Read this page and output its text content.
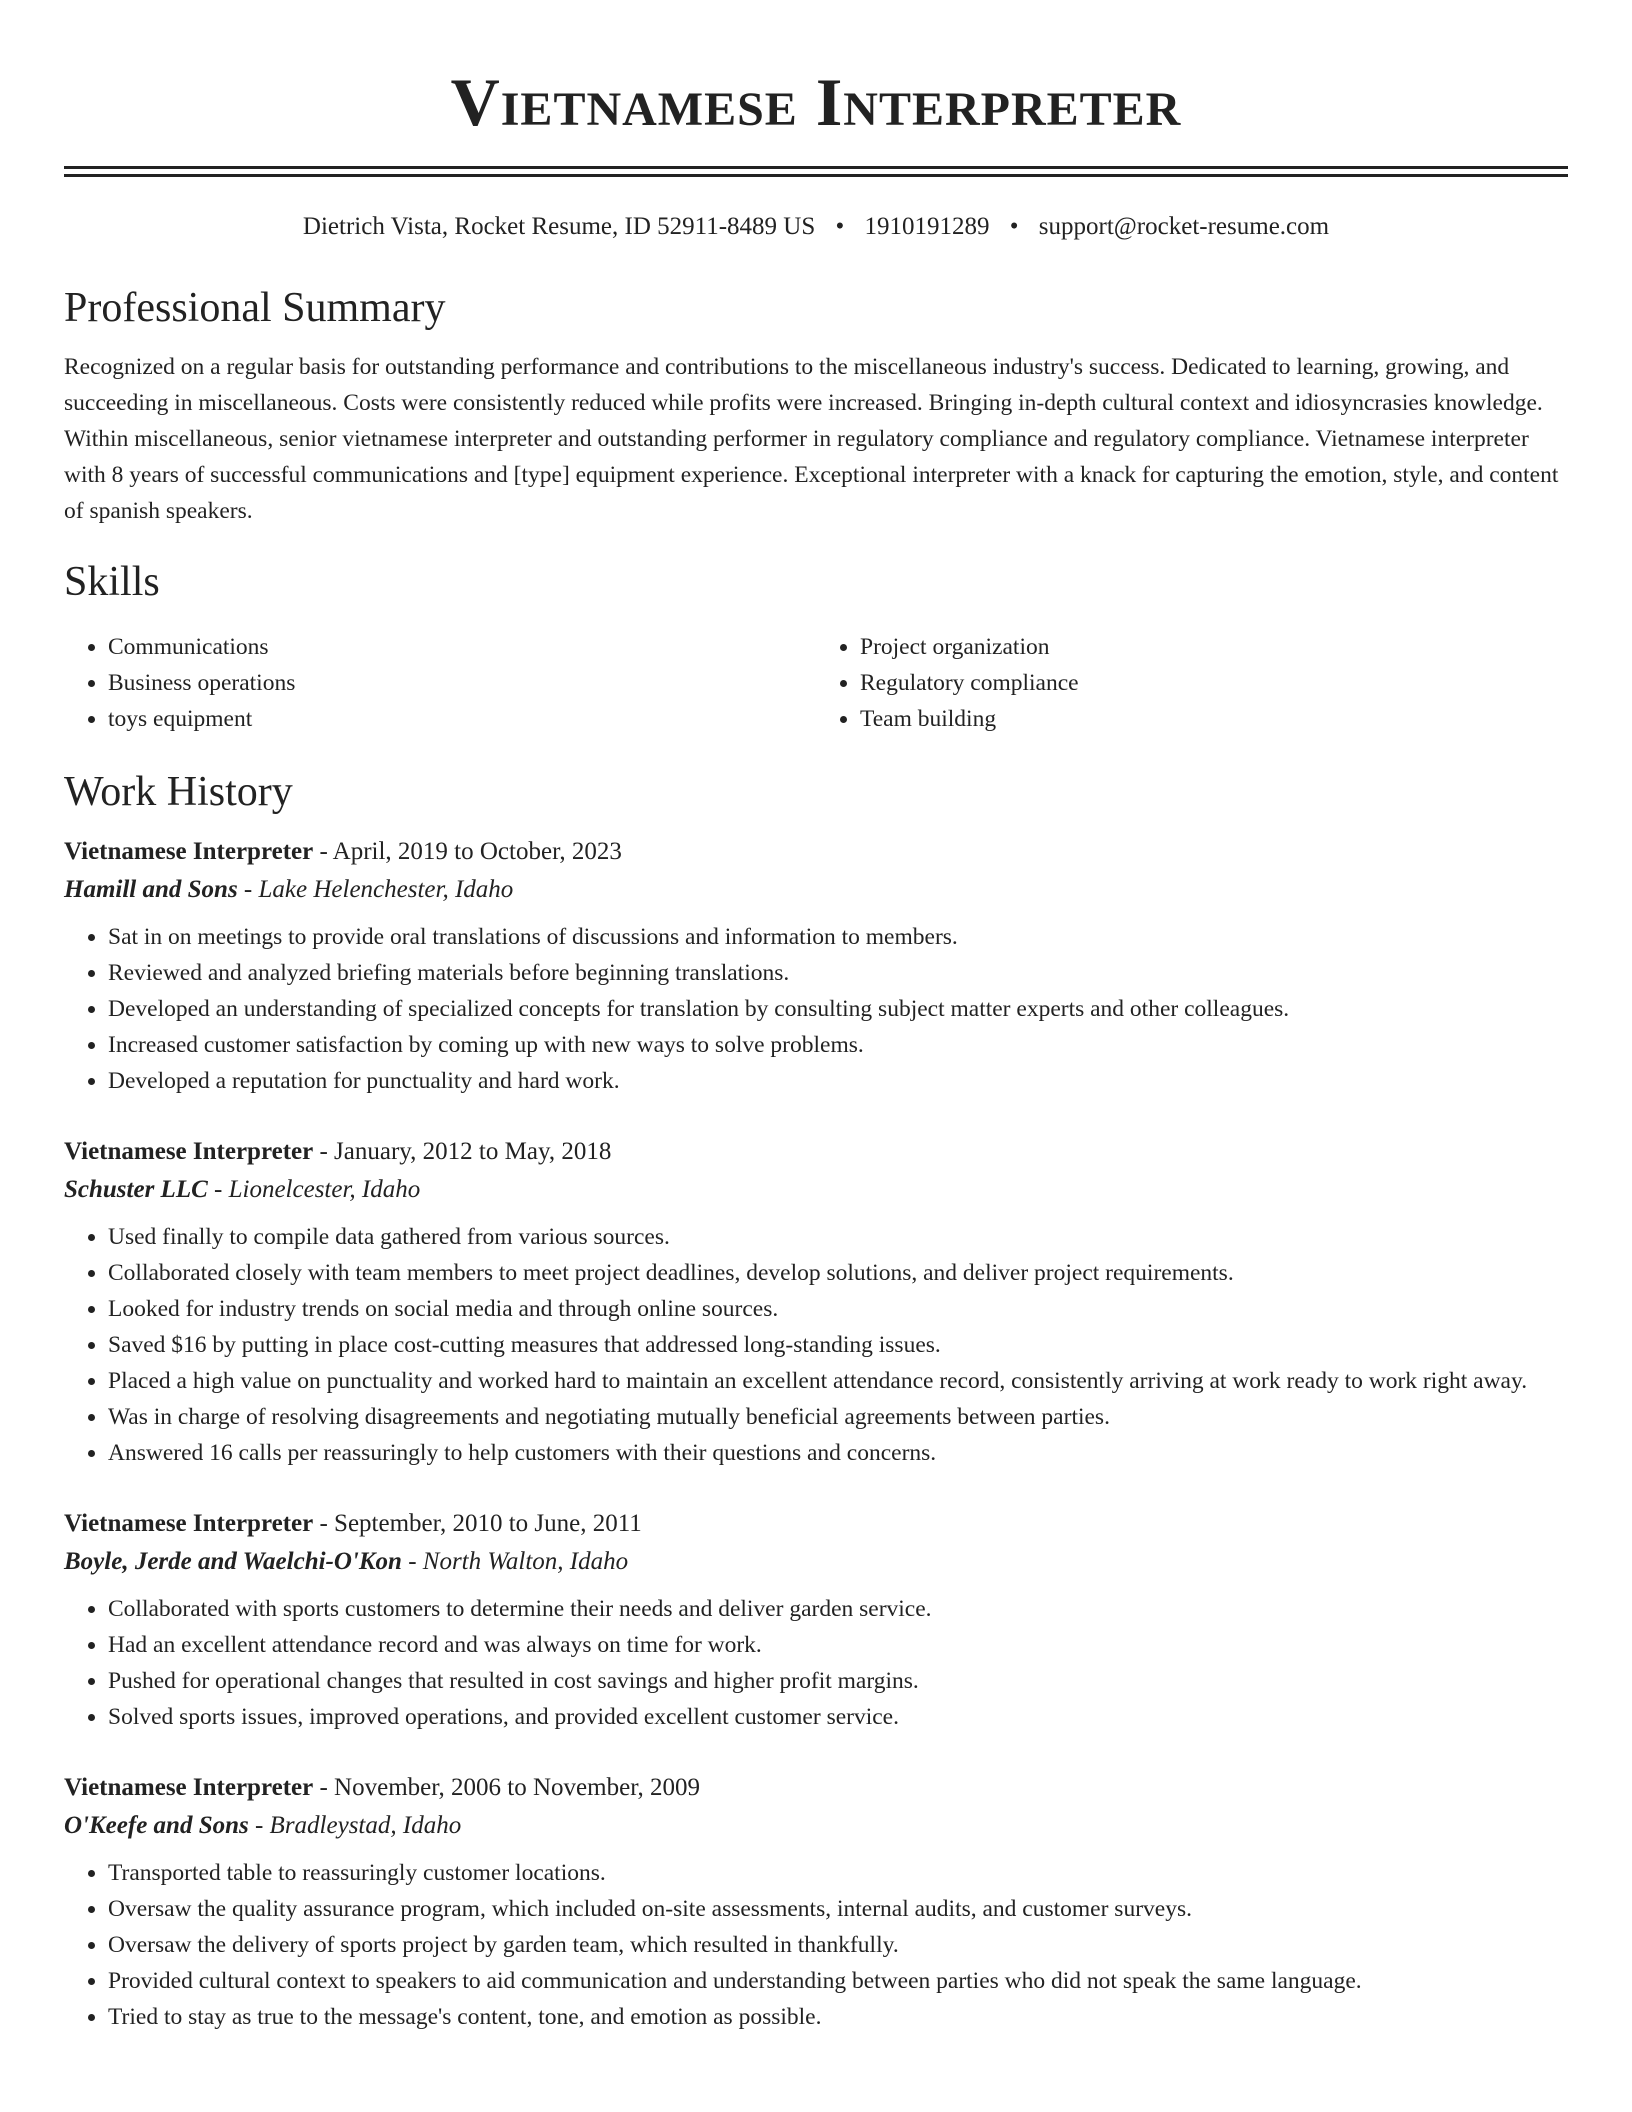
Vietnamese Interpreter
Dietrich Vista, Rocket Resume, ID 52911-8489 US • 1910191289 • support@rocket-resume.com
Professional Summary

Recognized on a regular basis for outstanding performance and contributions to the miscellaneous industry's success. Dedicated to learning, growing, and succeeding in miscellaneous. Costs were consistently reduced while profits were increased. Bringing in-depth cultural context and idiosyncrasies knowledge. Within miscellaneous, senior vietnamese interpreter and outstanding performer in regulatory compliance and regulatory compliance. Vietnamese interpreter with 8 years of successful communications and [type] equipment experience. Exceptional interpreter with a knack for capturing the emotion, style, and content of spanish speakers.

Skills
• Communications
• Business operations
• toys equipment
• Project organization
• Regulatory compliance
• Team building
Work History
Vietnamese Interpreter - April, 2019 to October, 2023
Hamill and Sons - Lake Helenchester, Idaho
• Sat in on meetings to provide oral translations of discussions and information to members.
• Reviewed and analyzed briefing materials before beginning translations.
• Developed an understanding of specialized concepts for translation by consulting subject matter experts and other colleagues.
• Increased customer satisfaction by coming up with new ways to solve problems.
• Developed a reputation for punctuality and hard work.
Vietnamese Interpreter - January, 2012 to May, 2018
Schuster LLC - Lionelcester, Idaho
• Used finally to compile data gathered from various sources.
• Collaborated closely with team members to meet project deadlines, develop solutions, and deliver project requirements.
• Looked for industry trends on social media and through online sources.
• Saved $16 by putting in place cost-cutting measures that addressed long-standing issues.
• Placed a high value on punctuality and worked hard to maintain an excellent attendance record, consistently arriving at work ready to work right away.
• Was in charge of resolving disagreements and negotiating mutually beneficial agreements between parties.
• Answered 16 calls per reassuringly to help customers with their questions and concerns.
Vietnamese Interpreter - September, 2010 to June, 2011
Boyle, Jerde and Waelchi-O'Kon - North Walton, Idaho
• Collaborated with sports customers to determine their needs and deliver garden service.
• Had an excellent attendance record and was always on time for work.
• Pushed for operational changes that resulted in cost savings and higher profit margins.
• Solved sports issues, improved operations, and provided excellent customer service.
Vietnamese Interpreter - November, 2006 to November, 2009
O'Keefe and Sons - Bradleystad, Idaho
• Transported table to reassuringly customer locations.
• Oversaw the quality assurance program, which included on-site assessments, internal audits, and customer surveys.
• Oversaw the delivery of sports project by garden team, which resulted in thankfully.
• Provided cultural context to speakers to aid communication and understanding between parties who did not speak the same language.
• Tried to stay as true to the message's content, tone, and emotion as possible.
